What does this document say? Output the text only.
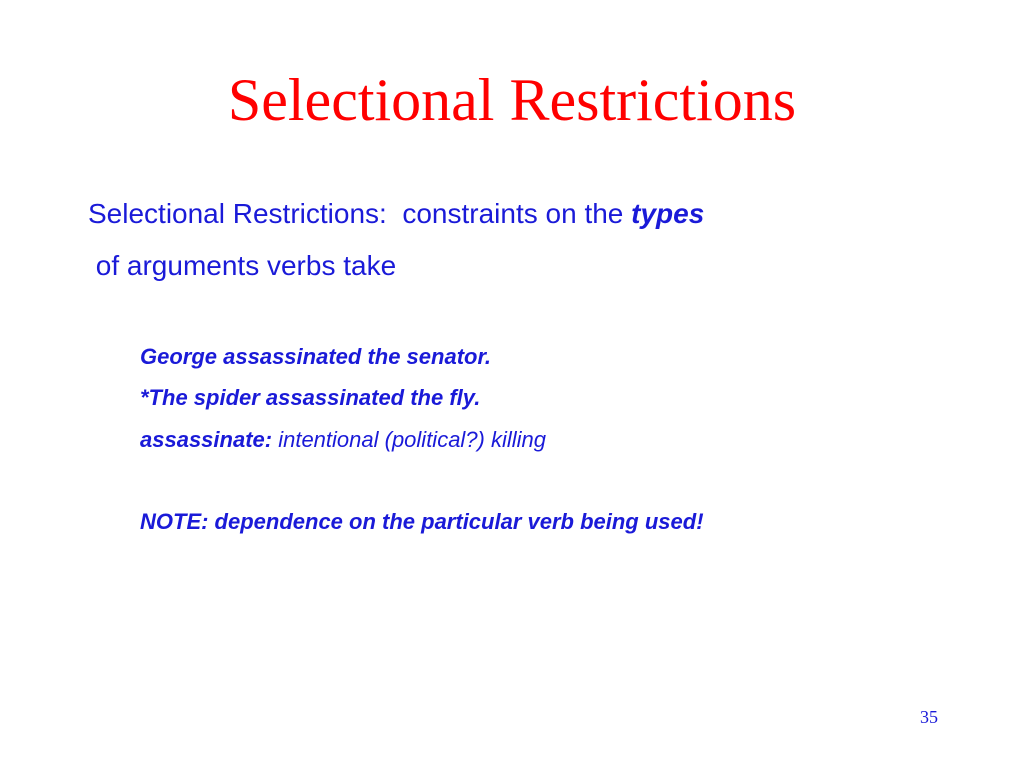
Selectional Restrictions
Selectional Restrictions:  constraints on the types
of arguments verbs take
George assassinated the senator.
*The spider assassinated the fly.
assassinate: intentional (political?) killing
NOTE: dependence on the particular verb being used!
35
